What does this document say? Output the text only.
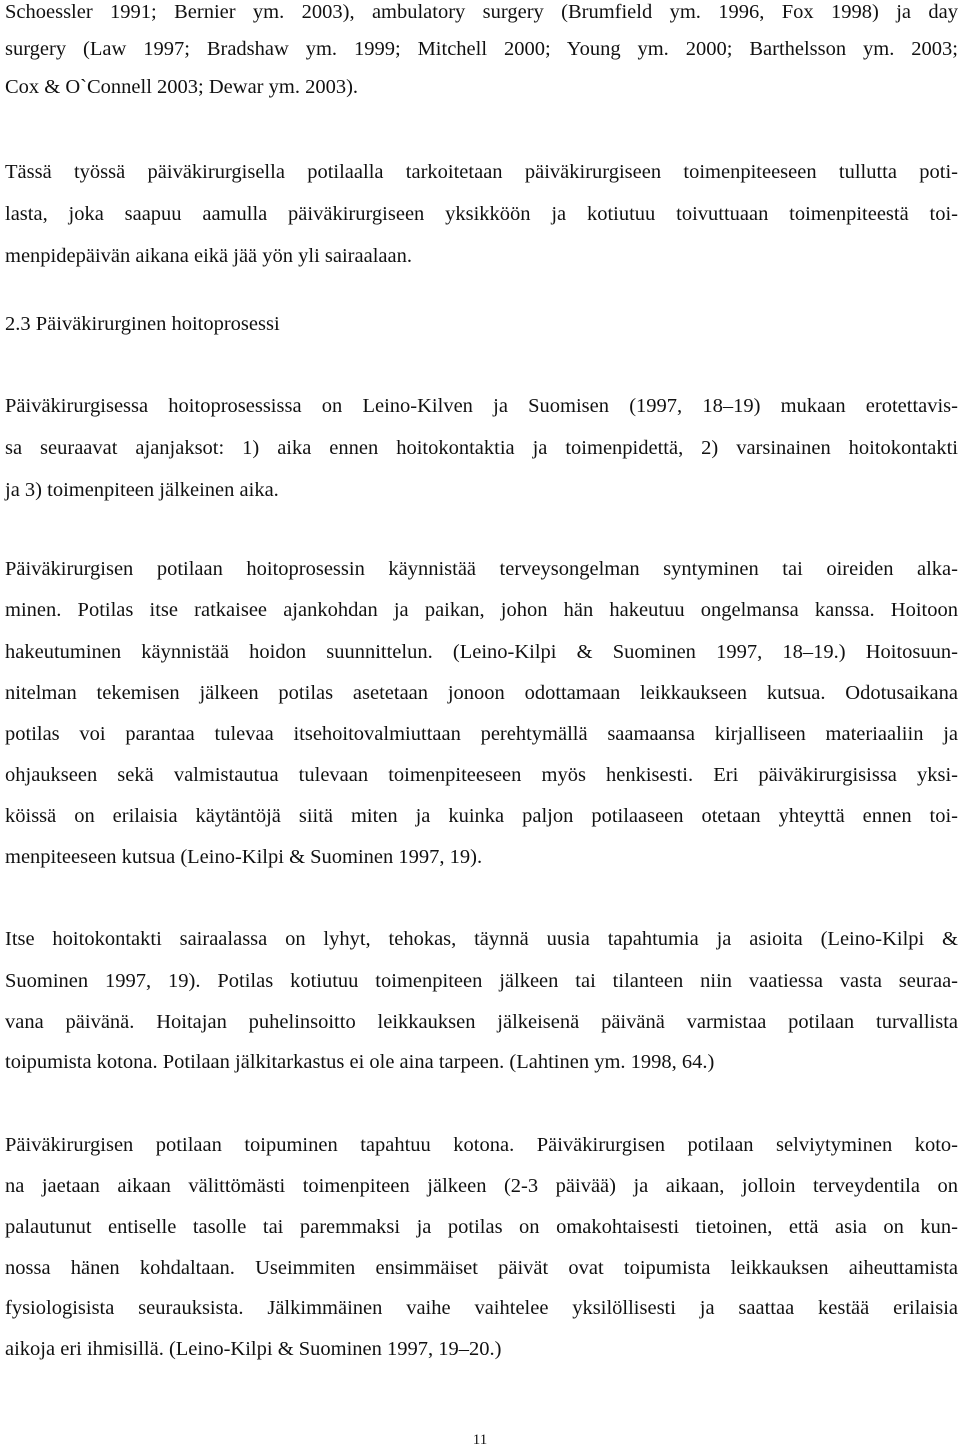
Schoessler 1991; Bernier ym. 2003), ambulatory surgery (Brumfield ym. 1996, Fox 1998) ja day
surgery (Law 1997; Bradshaw ym. 1999; Mitchell 2000; Young ym. 2000; Barthelsson ym. 2003;
Cox & O`Connell 2003; Dewar ym. 2003).
Tässä työssä päiväkirurgisella potilaalla tarkoitetaan päiväkirurgiseen toimenpiteeseen tullutta poti-
lasta, joka saapuu aamulla päiväkirurgiseen yksikköön ja kotiutuu toivuttuaan toimenpiteestä toi-
menpidepäivän aikana eikä jää yön yli sairaalaan.
2.3 Päiväkirurginen hoitoprosessi
Päiväkirurgisessa hoitoprosessissa on Leino-Kilven ja Suomisen (1997, 18–19) mukaan erotettavis-
sa seuraavat ajanjaksot: 1) aika ennen hoitokontaktia ja toimenpidettä, 2) varsinainen hoitokontakti
ja 3) toimenpiteen jälkeinen aika.
Päiväkirurgisen potilaan hoitoprosessin käynnistää terveysongelman syntyminen tai oireiden alka-
minen. Potilas itse ratkaisee ajankohdan ja paikan, johon hän hakeutuu ongelmansa kanssa. Hoitoon
hakeutuminen käynnistää hoidon suunnittelun. (Leino-Kilpi & Suominen 1997, 18–19.) Hoitosuun-
nitelman tekemisen jälkeen potilas asetetaan jonoon odottamaan leikkaukseen kutsua. Odotusaikana
potilas voi parantaa tulevaa itsehoitovalmiuttaan perehtymällä saamaansa kirjalliseen materiaaliin ja
ohjaukseen sekä valmistautua tulevaan toimenpiteeseen myös henkisesti. Eri päiväkirurgisissa yksi-
köissä on erilaisia käytäntöjä siitä miten ja kuinka paljon potilaaseen otetaan yhteyttä ennen toi-
menpiteeseen kutsua (Leino-Kilpi & Suominen 1997, 19).
Itse hoitokontakti sairaalassa on lyhyt, tehokas, täynnä uusia tapahtumia ja asioita (Leino-Kilpi &
Suominen 1997, 19). Potilas kotiutuu toimenpiteen jälkeen tai tilanteen niin vaatiessa vasta seuraa-
vana päivänä. Hoitajan puhelinsoitto leikkauksen jälkeisenä päivänä varmistaa potilaan turvallista
toipumista kotona. Potilaan jälkitarkastus ei ole aina tarpeen. (Lahtinen ym. 1998, 64.)
Päiväkirurgisen potilaan toipuminen tapahtuu kotona. Päiväkirurgisen potilaan selviytyminen koto-
na jaetaan aikaan välittömästi toimenpiteen jälkeen (2-3 päivää) ja aikaan, jolloin terveydentila on
palautunut entiselle tasolle tai paremmaksi ja potilas on omakohtaisesti tietoinen, että asia on kun-
nossa hänen kohdaltaan. Useimmiten ensimmäiset päivät ovat toipumista leikkauksen aiheuttamista
fysiologisista seurauksista. Jälkimmäinen vaihe vaihtelee yksilöllisesti ja saattaa kestää erilaisia
aikoja eri ihmisillä. (Leino-Kilpi & Suominen 1997, 19–20.)
11
